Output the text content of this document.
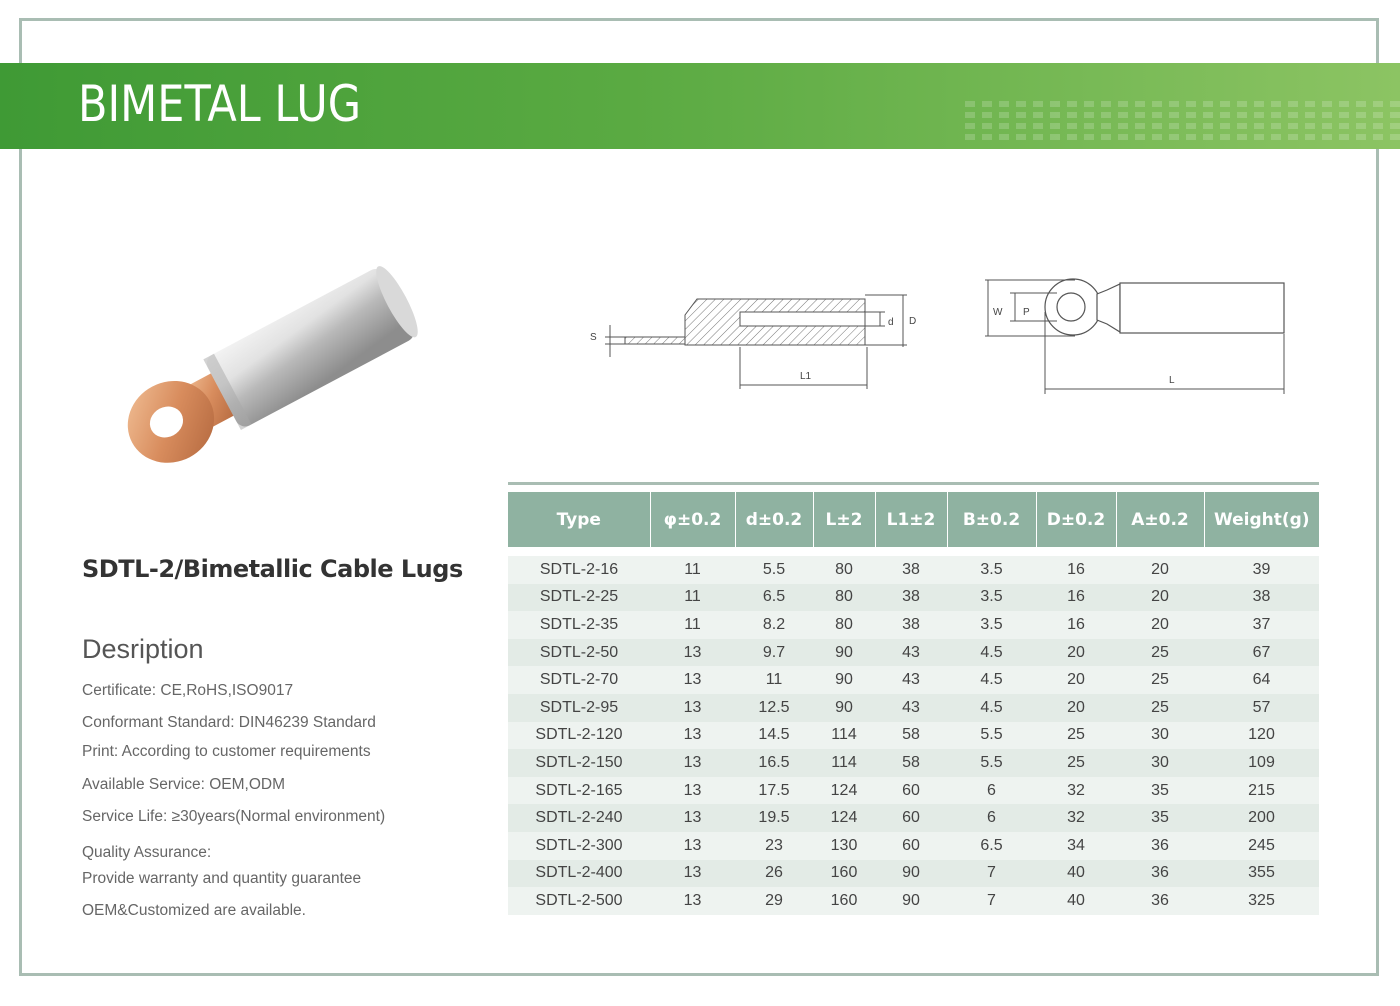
BIMETAL LUG
S
d D
L1
W P
L
SDTL-2/Bimetallic Cable Lugs
Desription
Certificate: CE,RoHS,ISO9017
Conformant Standard: DIN46239 Standard
Print: According to customer requirements
Available Service: OEM,ODM
Service Life: ≥30years(Normal environment)
Quality Assurance:
Provide warranty and quantity guarantee
OEM&Customized are available.
Type	φ±0.2	d±0.2	L±2	L1±2	B±0.2	D±0.2	A±0.2	Weight(g)

SDTL-2-16	11	5.5	80	38	3.5	16	20	39
SDTL-2-25	11	6.5	80	38	3.5	16	20	38
SDTL-2-35	11	8.2	80	38	3.5	16	20	37
SDTL-2-50	13	9.7	90	43	4.5	20	25	67
SDTL-2-70	13	11	90	43	4.5	20	25	64
SDTL-2-95	13	12.5	90	43	4.5	20	25	57
SDTL-2-120	13	14.5	114	58	5.5	25	30	120
SDTL-2-150	13	16.5	114	58	5.5	25	30	109
SDTL-2-165	13	17.5	124	60	6	32	35	215
SDTL-2-240	13	19.5	124	60	6	32	35	200
SDTL-2-300	13	23	130	60	6.5	34	36	245
SDTL-2-400	13	26	160	90	7	40	36	355
SDTL-2-500	13	29	160	90	7	40	36	325
